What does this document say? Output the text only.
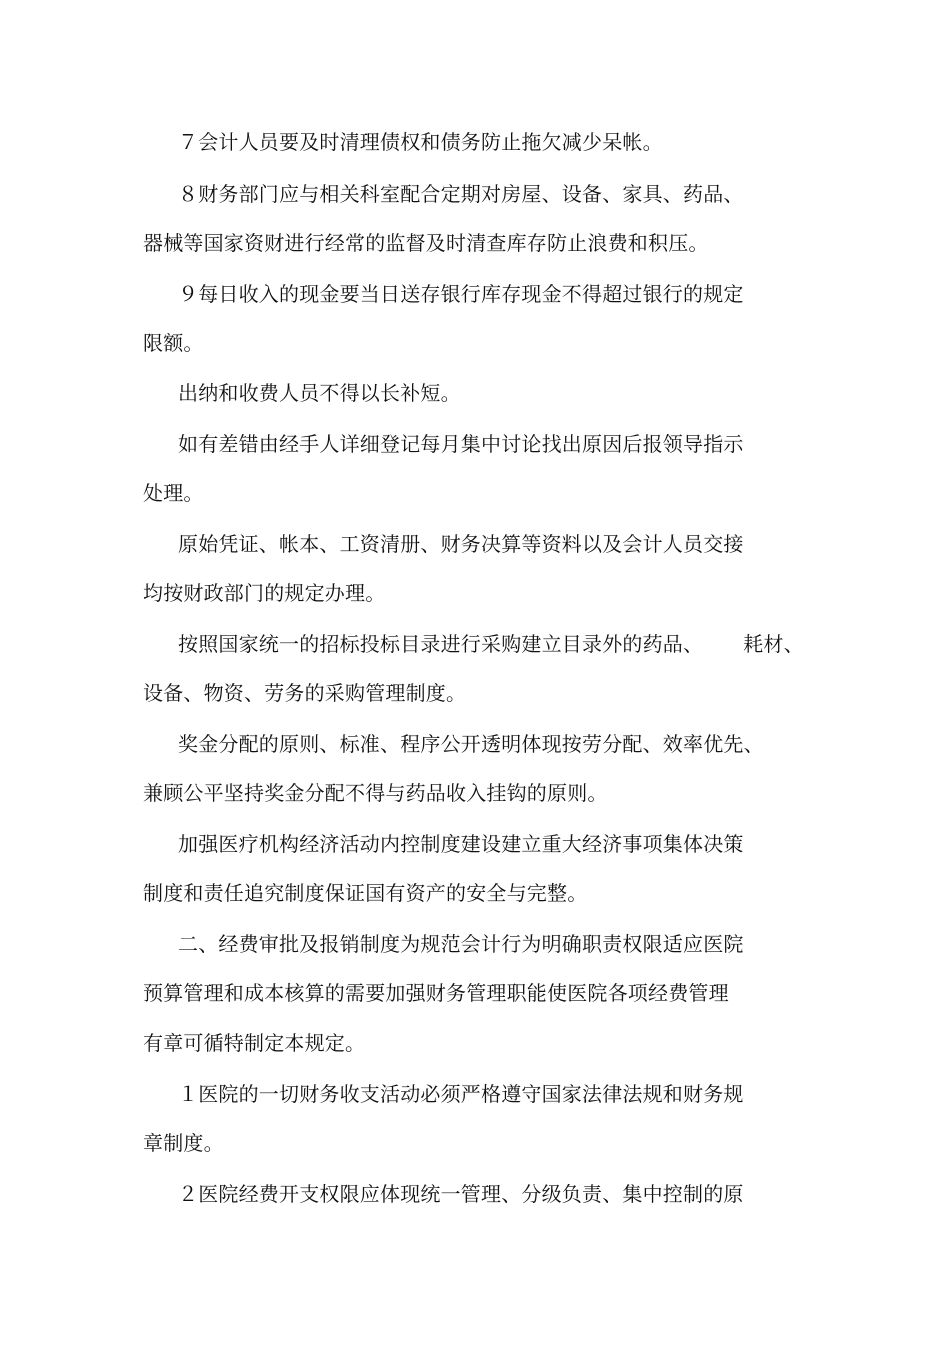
７会计人员要及时清理债权和债务防止拖欠减少呆帐。
８财务部门应与相关科室配合定期对房屋、设备、家具、药品、
器械等国家资财进行经常的监督及时清查库存防止浪费和积压。
９每日收入的现金要当日送存银行库存现金不得超过银行的规定
限额。
出纳和收费人员不得以长补短。
如有差错由经手人详细登记每月集中讨论找出原因后报领导指示
处理。
原始凭证、帐本、工资清册、财务决算等资料以及会计人员交接
均按财政部门的规定办理。
按照国家统一的招标投标目录进行采购建立目录外的药品、 耗材、
设备、物资、劳务的采购管理制度。
奖金分配的原则、标准、程序公开透明体现按劳分配、效率优先、
兼顾公平坚持奖金分配不得与药品收入挂钩的原则。
加强医疗机构经济活动内控制度建设建立重大经济事项集体决策
制度和责任追究制度保证国有资产的安全与完整。
二、经费审批及报销制度为规范会计行为明确职责权限适应医院
预算管理和成本核算的需要加强财务管理职能使医院各项经费管理
有章可循特制定本规定。
１医院的一切财务收支活动必须严格遵守国家法律法规和财务规
章制度。
２医院经费开支权限应体现统一管理、分级负责、集中控制的原
